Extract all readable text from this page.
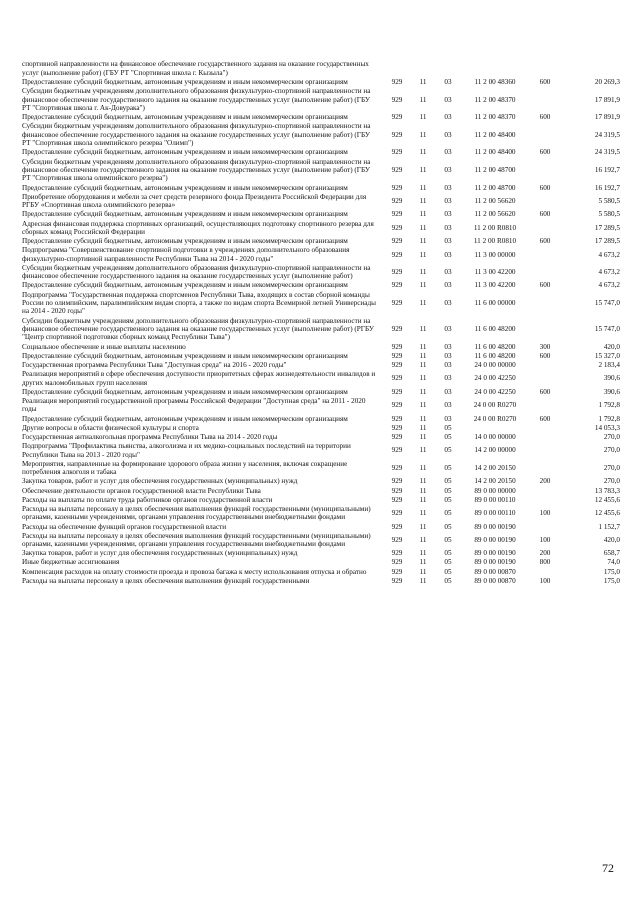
спортивной направленности на финансовое обеспечение государственного задания на оказание государственных услуг (выполнение работ) (ГБУ РТ "Спортивная школа г. Кызыла")						
Предоставление субсидий бюджетным, автономным учреждениям и иным некоммерческим организациям	929	11	03	11 2 00 48360	600	20 269,3
Субсидии бюджетным учреждениям дополнительного образования физкультурно-спортивной направленности на финансовое обеспечение государственного задания на оказание государственных услуг (выполнение работ) (ГБУ РТ "Спортивная школа г. Ак-Довурака")	929	11	03	11 2 00 48370		17 891,9
Предоставление субсидий бюджетным, автономным учреждениям и иным некоммерческим организациям	929	11	03	11 2 00 48370	600	17 891,9
Субсидии бюджетным учреждениям дополнительного образования физкультурно-спортивной направленности на финансовое обеспечение государственного задания на оказание государственных услуг (выполнение работ) (ГБУ РТ "Спортивная школа олимпийского резерва "Олимп")	929	11	03	11 2 00 48400		24 319,5
Предоставление субсидий бюджетным, автономным учреждениям и иным некоммерческим организациям	929	11	03	11 2 00 48400	600	24 319,5
Субсидии бюджетным учреждениям дополнительного образования физкультурно-спортивной направленности на финансовое обеспечение государственного задания на оказание государственных услуг (выполнение работ) (ГБУ РТ "Спортивная школа олимпийского резерва")	929	11	03	11 2 00 48700		16 192,7
Предоставление субсидий бюджетным, автономным учреждениям и иным некоммерческим организациям	929	11	03	11 2 00 48700	600	16 192,7
Приобретение оборудования и мебели за счет средств резервного фонда Президента Российской Федерации для РГБУ «Спортивная школа олимпийского резерва»	929	11	03	11 2 00 56620		5 580,5
Предоставление субсидий бюджетным, автономным учреждениям и иным некоммерческим организациям	929	11	03	11 2 00 56620	600	5 580,5
Адресная финансовая поддержка спортивных организаций, осуществляющих подготовку спортивного резерва для сборных команд Российской Федерации	929	11	03	11 2 00 R0810		17 289,5
Предоставление субсидий бюджетным, автономным учреждениям и иным некоммерческим организациям	929	11	03	11 2 00 R0810	600	17 289,5
Подпрограмма "Совершенствование спортивной подготовки в учреждениях дополнительного образования физкультурно-спортивной направленности Республики Тыва на 2014 - 2020 годы"	929	11	03	11 3 00 00000		4 673,2
Субсидии бюджетным учреждениям дополнительного образования физкультурно-спортивной направленности на финансовое обеспечение государственного задания на оказание государственных услуг (выполнение работ)	929	11	03	11 3 00 42200		4 673,2
Предоставление субсидий бюджетным, автономным учреждениям и иным некоммерческим организациям	929	11	03	11 3 00 42200	600	4 673,2
Подпрограмма "Государственная поддержка спортсменов Республики Тыва, входящих в состав сборной команды России по олимпийским, паралимпийским видам спорта, а также по видам спорта Всемирной летней Универсиады на 2014 - 2020 годы"	929	11	03	11 6 00 00000		15 747,0
Субсидии бюджетным учреждениям дополнительного образования физкультурно-спортивной направленности на финансовое обеспечение государственного задания на оказание государственных услуг (выполнение работ) (РГБУ "Центр спортивной подготовки сборных команд Республики Тыва")	929	11	03	11 6 00 48200		15 747,0
Социальное обеспечение и иные выплаты населению	929	11	03	11 6 00 48200	300	420,0
Предоставление субсидий бюджетным, автономным учреждениям и иным некоммерческим организациям	929	11	03	11 6 00 48200	600	15 327,0
Государственная программа Республики Тыва "Доступная среда" на 2016 - 2020 годы"	929	11	03	24 0 00 00000		2 183,4
Реализация мероприятий в сфере обеспечения доступности приоритетных сферах жизнедеятельности инвалидов и других маломобильных групп населения	929	11	03	24 0 00 42250		390,6
Предоставление субсидий бюджетным, автономным учреждениям и иным некоммерческим организациям	929	11	03	24 0 00 42250	600	390,6
Реализация мероприятий государственной программы Российской Федерации "Доступная среда" на 2011 - 2020 годы	929	11	03	24 0 00 R0270		1 792,8
Предоставление субсидий бюджетным, автономным учреждениям и иным некоммерческим организациям	929	11	03	24 0 00 R0270	600	1 792,8
Другие вопросы в области физической культуры и спорта	929	11	05			14 053,3
Государственная антиалкогольная программа Республики Тыва на 2014 - 2020 годы	929	11	05	14 0 00 00000		270,0
Подпрограмма "Профилактика пьянства, алкоголизма и их медико-социальных последствий на территории Республики Тыва на 2013 - 2020 годы"	929	11	05	14 2 00 00000		270,0
Мероприятия, направленные на формирование здорового образа жизни у населения, включая сокращение потребления алкоголя и табака	929	11	05	14 2 00 20150		270,0
Закупка товаров, работ и услуг для обеспечения государственных (муниципальных) нужд	929	11	05	14 2 00 20150	200	270,0
Обеспечение деятельности органов государственной власти Республики Тыва	929	11	05	89 0 00 00000		13 783,3
Расходы на выплаты по оплате труда работников органов государственной власти	929	11	05	89 0 00 00110		12 455,6
Расходы на выплаты персоналу в целях обеспечения выполнения функций государственными (муниципальными) органами, казенными учреждениями, органами управления государственными внебюджетными фондами	929	11	05	89 0 00 00110	100	12 455,6
Расходы на обеспечение функций органов государственной власти	929	11	05	89 0 00 00190		1 152,7
Расходы на выплаты персоналу в целях обеспечения выполнения функций государственными (муниципальными) органами, казенными учреждениями, органами управления государственными внебюджетными фондами	929	11	05	89 0 00 00190	100	420,0
Закупка товаров, работ и услуг для обеспечения государственных (муниципальных) нужд	929	11	05	89 0 00 00190	200	658,7
Иные бюджетные ассигнования	929	11	05	89 0 00 00190	800	74,0
Компенсация расходов на оплату стоимости проезда и провоза багажа к месту использования отпуска и обратно	929	11	05	89 0 00 00870		175,0
Расходы на выплаты персоналу в целях обеспечения выполнения функций государственными	929	11	05	89 0 00 00870	100	175,0
72
